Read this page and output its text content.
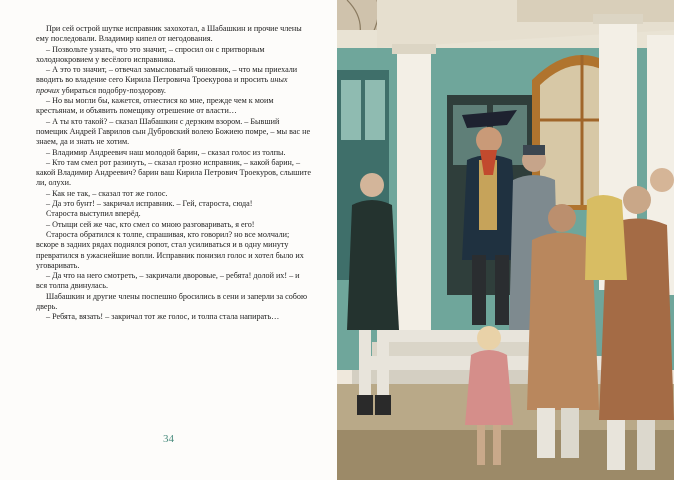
При сей острой шутке исправник захохотал, а Шабашкин и прочие члены ему последовали. Владимир кипел от негодования.

– Позвольте узнать, что это значит, – спросил он с притворным холоднокровием у весёлого исправника.

– А это то значит, – отвечал замысловатый чиновник, – что мы приехали вводить во владение сего Кирила Петровича Троекурова и просить иных прочих убираться подобру-поздорову.

– Но вы могли бы, кажется, отнестися ко мне, прежде чем к моим крестьянам, и объявить помещику отрешение от власти…

– А ты кто такой? – сказал Шабашкин с дерзким взором. – Бывший помещик Андрей Гаврилов сын Дубровский волею Божиею помре, – мы вас не знаем, да и знать не хотим.

– Владимир Андреевич наш молодой барин, – сказал голос из толпы.

– Кто там смел рот разинуть, – сказал грозно исправник, – какой барин, – какой Владимир Андреевич? барин ваш Кирила Петрович Троекуров, слышите ли, олухи.

– Как не так, – сказал тот же голос.

– Да это бунт! – закричал исправник. – Гей, староста, сюда!

Староста выступил вперёд.

– Отыщи сей же час, кто смел со мною разговаривать, я его!

Староста обратился к толпе, спрашивая, кто говорил? но все молчали; вскоре в задних рядах поднялся ропот, стал усиливаться и в одну минуту превратился в ужаснейшие вопли. Исправник понизил голос и хотел было их уговаривать.

– Да что на него смотреть, – закричали дворовые, – ребята! долой их! – и вся толпа двинулась.

Шабашкин и другие члены поспешно бросились в сени и заперли за собою дверь.

– Ребята, вязать! – закричал тот же голос, и толпа стала напирать…

34
